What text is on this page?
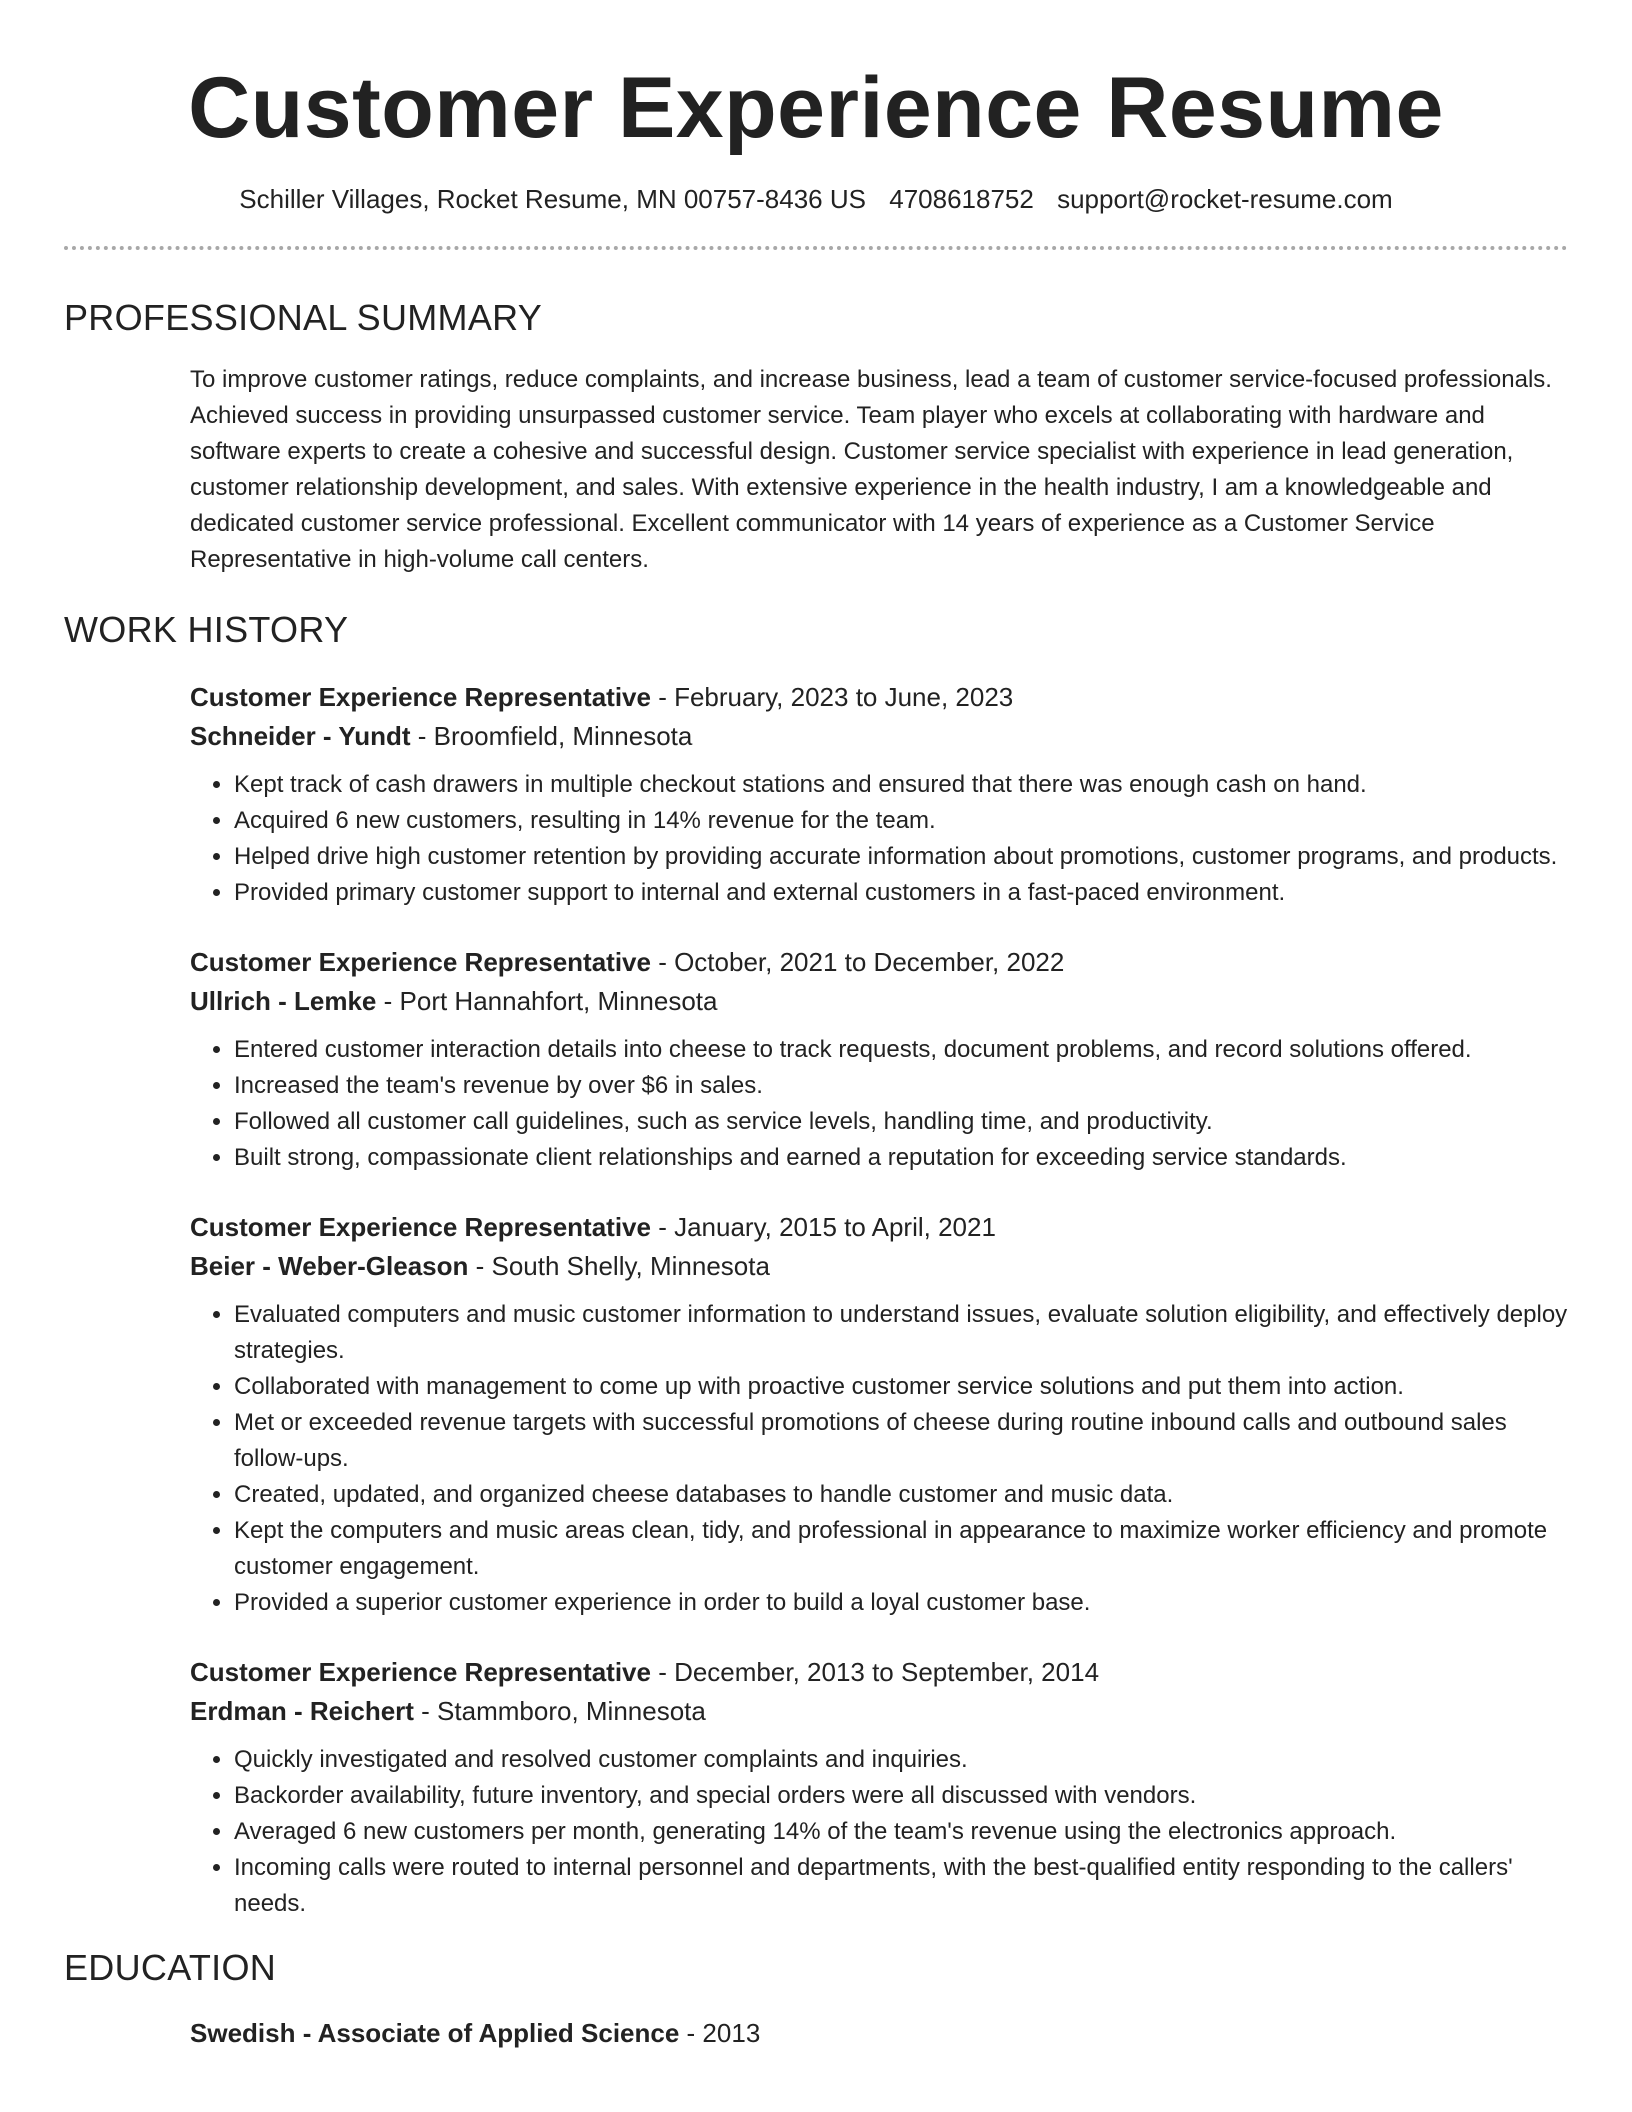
Customer Experience Resume
Schiller Villages, Rocket Resume, MN 00757-8436 US 4708618752 support@rocket-resume.com
PROFESSIONAL SUMMARY

To improve customer ratings, reduce complaints, and increase business, lead a team of customer service-focused professionals. Achieved success in providing unsurpassed customer service. Team player who excels at collaborating with hardware and software experts to create a cohesive and successful design. Customer service specialist with experience in lead generation, customer relationship development, and sales. With extensive experience in the health industry, I am a knowledgeable and dedicated customer service professional. Excellent communicator with 14 years of experience as a Customer Service Representative in high-volume call centers.

WORK HISTORY
Customer Experience Representative - February, 2023 to June, 2023
Schneider - Yundt - Broomfield, Minnesota
• Kept track of cash drawers in multiple checkout stations and ensured that there was enough cash on hand.
• Acquired 6 new customers, resulting in 14% revenue for the team.
• Helped drive high customer retention by providing accurate information about promotions, customer programs, and products.
• Provided primary customer support to internal and external customers in a fast-paced environment.
Customer Experience Representative - October, 2021 to December, 2022
Ullrich - Lemke - Port Hannahfort, Minnesota
• Entered customer interaction details into cheese to track requests, document problems, and record solutions offered.
• Increased the team's revenue by over $6 in sales.
• Followed all customer call guidelines, such as service levels, handling time, and productivity.
• Built strong, compassionate client relationships and earned a reputation for exceeding service standards.
Customer Experience Representative - January, 2015 to April, 2021
Beier - Weber-Gleason - South Shelly, Minnesota
• Evaluated computers and music customer information to understand issues, evaluate solution eligibility, and effectively deploy strategies.
• Collaborated with management to come up with proactive customer service solutions and put them into action.
• Met or exceeded revenue targets with successful promotions of cheese during routine inbound calls and outbound sales follow-ups.
• Created, updated, and organized cheese databases to handle customer and music data.
• Kept the computers and music areas clean, tidy, and professional in appearance to maximize worker efficiency and promote customer engagement.
• Provided a superior customer experience in order to build a loyal customer base.
Customer Experience Representative - December, 2013 to September, 2014
Erdman - Reichert - Stammboro, Minnesota
• Quickly investigated and resolved customer complaints and inquiries.
• Backorder availability, future inventory, and special orders were all discussed with vendors.
• Averaged 6 new customers per month, generating 14% of the team's revenue using the electronics approach.
• Incoming calls were routed to internal personnel and departments, with the best-qualified entity responding to the callers' needs.
EDUCATION
Swedish - Associate of Applied Science - 2013
